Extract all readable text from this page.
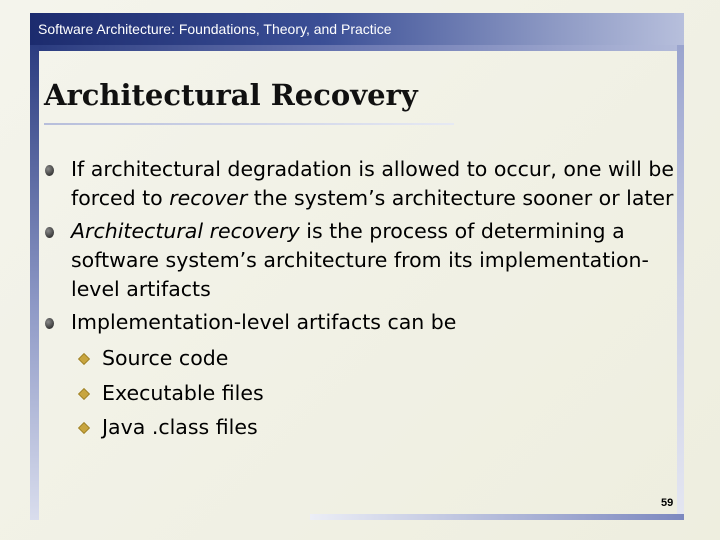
Software Architecture: Foundations, Theory, and Practice
Architectural Recovery
If architectural degradation is allowed to occur, one will be forced to recover the system’s architecture sooner or later
Architectural recovery is the process of determining a software system’s architecture from its implementation-level artifacts
Implementation-level artifacts can be
Source code
Executable files
Java .class files
59
